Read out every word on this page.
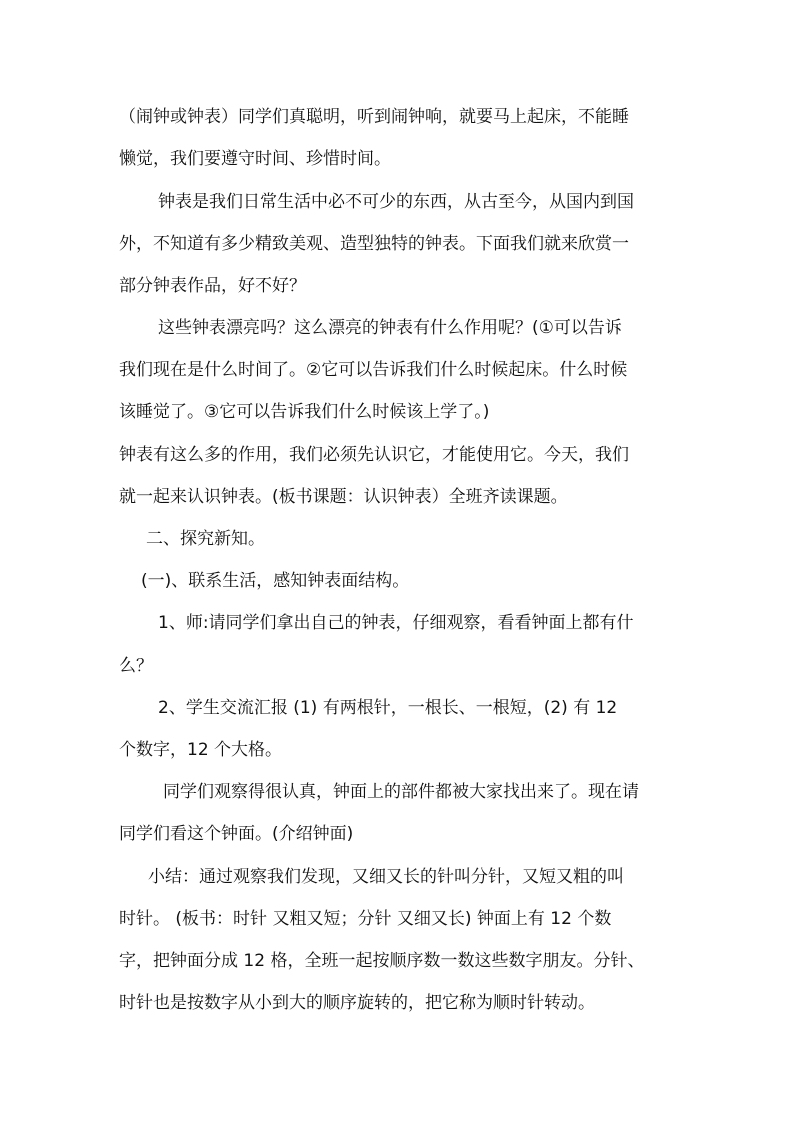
（闹钟或钟表）同学们真聪明，听到闹钟响，就要马上起床，不能睡
懒觉，我们要遵守时间、珍惜时间。
钟表是我们日常生活中必不可少的东西，从古至今，从国内到国
外，不知道有多少精致美观、造型独特的钟表。下面我们就来欣赏一
部分钟表作品，好不好？
这些钟表漂亮吗？这么漂亮的钟表有什么作用呢？(①可以告诉
我们现在是什么时间了。②它可以告诉我们什么时候起床。什么时候
该睡觉了。③它可以告诉我们什么时候该上学了。)
钟表有这么多的作用，我们必须先认识它，才能使用它。今天，我们
就一起来认识钟表。(板书课题：认识钟表）全班齐读课题。
二、探究新知。
(一)、联系生活，感知钟表面结构。
1、师:请同学们拿出自己的钟表，仔细观察，看看钟面上都有什
么？
2、学生交流汇报 (1) 有两根针，一根长、一根短，(2) 有 12
个数字，12 个大格。
同学们观察得很认真，钟面上的部件都被大家找出来了。现在请
同学们看这个钟面。(介绍钟面)
小结：通过观察我们发现，又细又长的针叫分针，又短又粗的叫
时针。 (板书：时针 又粗又短；分针 又细又长) 钟面上有 12 个数
字，把钟面分成 12 格，全班一起按顺序数一数这些数字朋友。分针、
时针也是按数字从小到大的顺序旋转的，把它称为顺时针转动。
